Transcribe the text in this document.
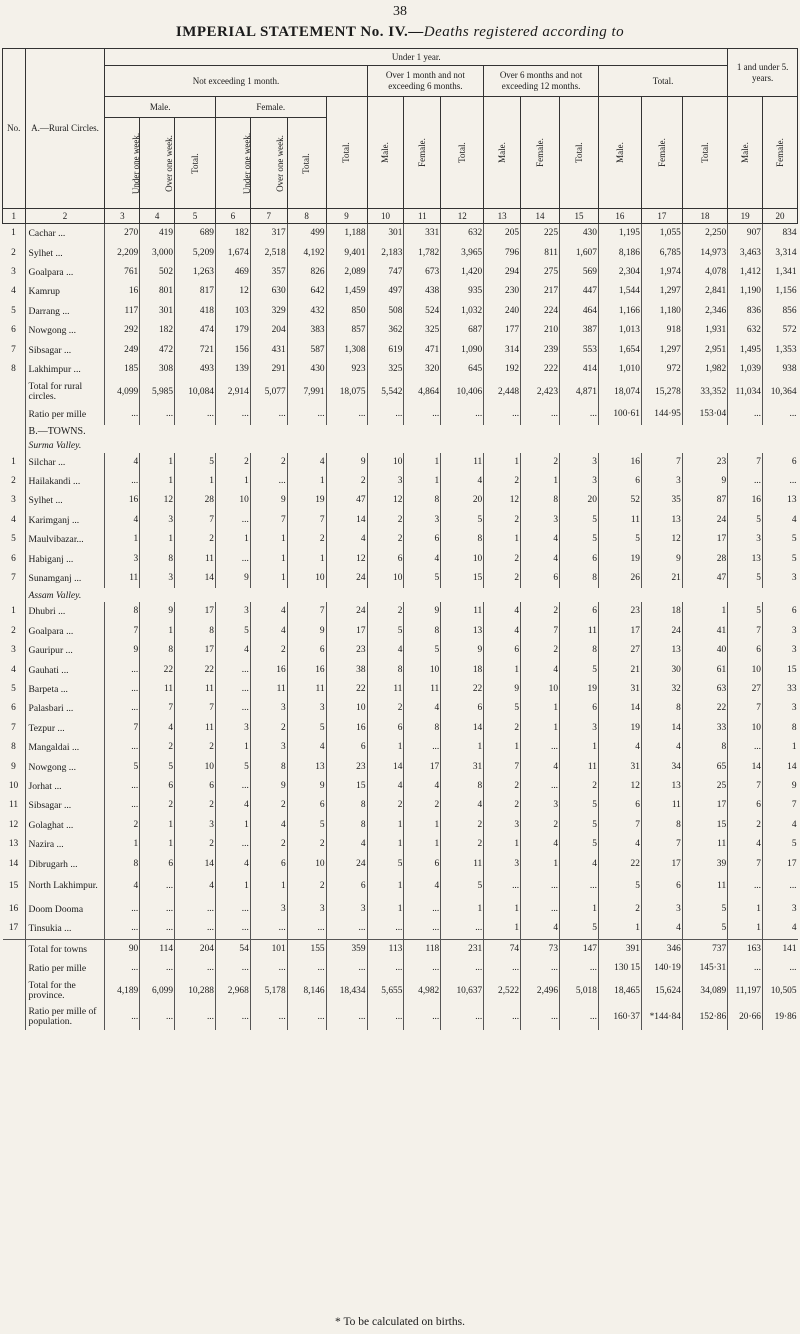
38
IMPERIAL STATEMENT No. IV.—Deaths registered according to
No.	A.—Rural Circles.	Under 1 year.																1 and under 5. years.	
		Not exceeding 1 month.							Over 1 month and not exceeding 6 months.			Over 6 months and not exceeding 12 months.			Total.				
		Male.			Female.			Total.	Male.	Female.	Total.	Male.	Female.	Total.	Male.	Female.	Total.	Male.	Female.
		Under one week.	Over one week.	Total.	Under one week.	Over one week.	Total.												
1	2	3	4	5	6	7	8	9	10	11	12	13	14	15	16	17	18	19	20
1	Cachar ...	270	419	689	182	317	499	1,188	301	331	632	205	225	430	1,195	1,055	2,250	907	834
2	Sylhet ...	2,209	3,000	5,209	1,674	2,518	4,192	9,401	2,183	1,782	3,965	796	811	1,607	8,186	6,785	14,973	3,463	3,314
3	Goalpara ...	761	502	1,263	469	357	826	2,089	747	673	1,420	294	275	569	2,304	1,974	4,078	1,412	1,341
4	Kamrup	16	801	817	12	630	642	1,459	497	438	935	230	217	447	1,544	1,297	2,841	1,190	1,156
5	Darrang ...	117	301	418	103	329	432	850	508	524	1,032	240	224	464	1,166	1,180	2,346	836	856
6	Nowgong ...	292	182	474	179	204	383	857	362	325	687	177	210	387	1,013	918	1,931	632	572
7	Sibsagar ...	249	472	721	156	431	587	1,308	619	471	1,090	314	239	553	1,654	1,297	2,951	1,495	1,353
8	Lakhimpur ...	185	308	493	139	291	430	923	325	320	645	192	222	414	1,010	972	1,982	1,039	938
	Total for rural circles.	4,099	5,985	10,084	2,914	5,077	7,991	18,075	5,542	4,864	10,406	2,448	2,423	4,871	18,074	15,278	33,352	11,034	10,364
	Ratio per mille	...	...	...	...	...	...	...	...	...	...	...	...	...	100·61	144·95	153·04	...	...
	B.—TOWNS.																		
	Surma Valley.																		
1	Silchar ...	4	1	5	2	2	4	9	10	1	11	1	2	3	16	7	23	7	6
2	Hailakandi ...	...	1	1	1	...	1	2	3	1	4	2	1	3	6	3	9	...	...
3	Sylhet ...	16	12	28	10	9	19	47	12	8	20	12	8	20	52	35	87	16	13
4	Karimganj ...	4	3	7	...	7	7	14	2	3	5	2	3	5	11	13	24	5	4
5	Maulvibazar...	1	1	2	1	1	2	4	2	6	8	1	4	5	5	12	17	3	5
6	Habiganj ...	3	8	11	...	1	1	12	6	4	10	2	4	6	19	9	28	13	5
7	Sunamganj ...	11	3	14	9	1	10	24	10	5	15	2	6	8	26	21	47	5	3
	Assam Valley.																		
1	Dhubri ...	8	9	17	3	4	7	24	2	9	11	4	2	6	23	18	1	5	6
2	Goalpara ...	7	1	8	5	4	9	17	5	8	13	4	7	11	17	24	41	7	3
3	Gauripur ...	9	8	17	4	2	6	23	4	5	9	6	2	8	27	13	40	6	3
4	Gauhati ...	...	22	22	...	16	16	38	8	10	18	1	4	5	21	30	61	10	15
5	Barpeta ...	...	11	11	...	11	11	22	11	11	22	9	10	19	31	32	63	27	33
6	Palasbari ...	...	7	7	...	3	3	10	2	4	6	5	1	6	14	8	22	7	3
7	Tezpur ...	7	4	11	3	2	5	16	6	8	14	2	1	3	19	14	33	10	8
8	Mangaldai ...	...	2	2	1	3	4	6	1	...	1	1	...	1	4	4	8	...	1
9	Nowgong ...	5	5	10	5	8	13	23	14	17	31	7	4	11	31	34	65	14	14
10	Jorhat ...	...	6	6	...	9	9	15	4	4	8	2	...	2	12	13	25	7	9
11	Sibsagar ...	...	2	2	4	2	6	8	2	2	4	2	3	5	6	11	17	6	7
12	Golaghat ...	2	1	3	1	4	5	8	1	1	2	3	2	5	7	8	15	2	4
13	Nazira ...	1	1	2	...	2	2	4	1	1	2	1	4	5	4	7	11	4	5
14	Dibrugarh ...	8	6	14	4	6	10	24	5	6	11	3	1	4	22	17	39	7	17
15	North Lakhimpur.	4	...	4	1	1	2	6	1	4	5	...	...	...	5	6	11	...	...
16	Doom Dooma	...	...	...	...	3	3	3	1	...	1	1	...	1	2	3	5	1	3
17	Tinsukia ...	...	...	...	...	...	...	...	...	...	...	1	4	5	1	4	5	1	4
	Total for towns	90	114	204	54	101	155	359	113	118	231	74	73	147	391	346	737	163	141
	Ratio per mille	...	...	...	...	...	...	...	...	...	...	...	...	...	130 15	140·19	145·31	...	...
	Total for the province.	4,189	6,099	10,288	2,968	5,178	8,146	18,434	5,655	4,982	10,637	2,522	2,496	5,018	18,465	15,624	34,089	11,197	10,505
	Ratio per mille of population.	...	...	...	...	...	...	...	...	...	...	...	...	...	160·37	*144·84	152·86	20·66	19·86
* To be calculated on births.
